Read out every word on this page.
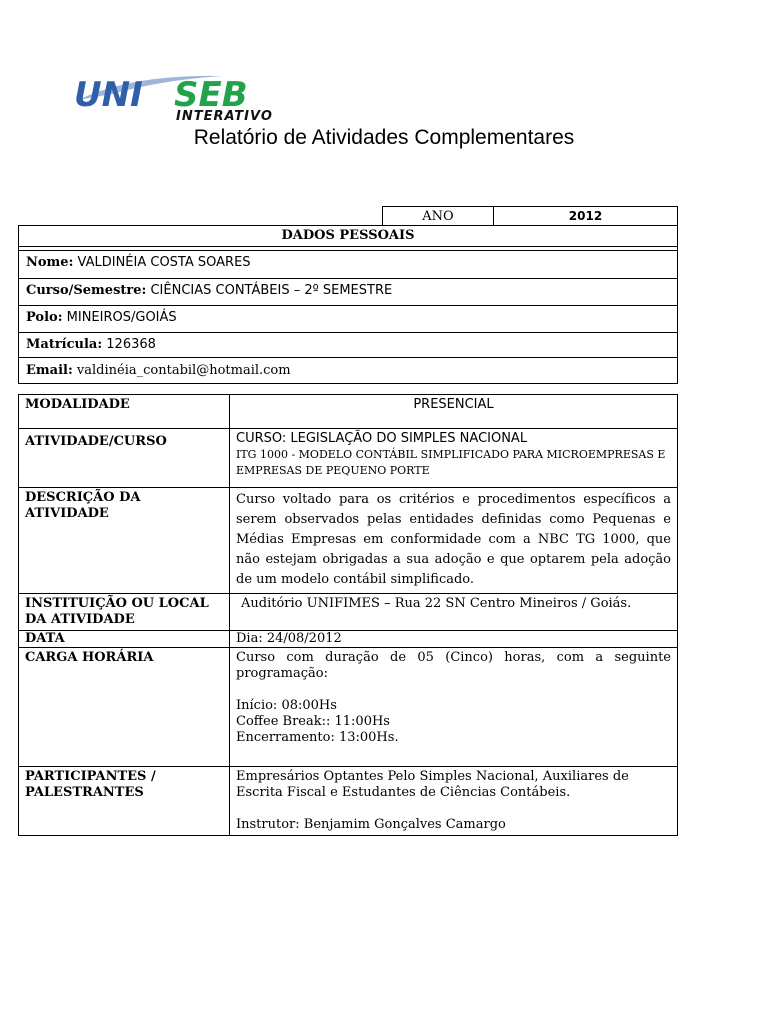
UNI SEB
INTERATIVO
Relatório de Atividades Complementares
ANO	2012
DADOS PESSOAIS
Nome: VALDINÉIA COSTA SOARES
Curso/Semestre: CIÊNCIAS CONTÁBEIS – 2º SEMESTRE
Polo: MINEIROS/GOIÁS
Matrícula: 126368
Email: valdinéia_contabil@hotmail.com
MODALIDADE	PRESENCIAL
ATIVIDADE/CURSO	CURSO: LEGISLAÇÃO DO SIMPLES NACIONAL
ITG 1000 - MODELO CONTÁBIL SIMPLIFICADO PARA MICROEMPRESAS E EMPRESAS DE PEQUENO PORTE

DESCRIÇÃO DA ATIVIDADE	Curso voltado para os critérios e procedimentos específicos a serem observados pelas entidades definidas como Pequenas e Médias Empresas em conformidade com a NBC TG 1000, que não estejam obrigadas a sua adoção e que optarem pela adoção de um modelo contábil simplificado.
INSTITUIÇÃO OU LOCAL DA ATIVIDADE	Auditório UNIFIMES – Rua 22 SN Centro Mineiros / Goiás.
DATA	Dia: 24/08/2012
CARGA HORÁRIA	Curso com duração de 05 (Cinco) horas, com a seguinte programação:
Início: 08:00Hs
Coffee Break:: 11:00Hs
Encerramento: 13:00Hs.

PARTICIPANTES / PALESTRANTES	Empresários Optantes Pelo Simples Nacional, Auxiliares de Escrita Fiscal e Estudantes de Ciências Contábeis.
Instrutor: Benjamim Gonçalves Camargo
